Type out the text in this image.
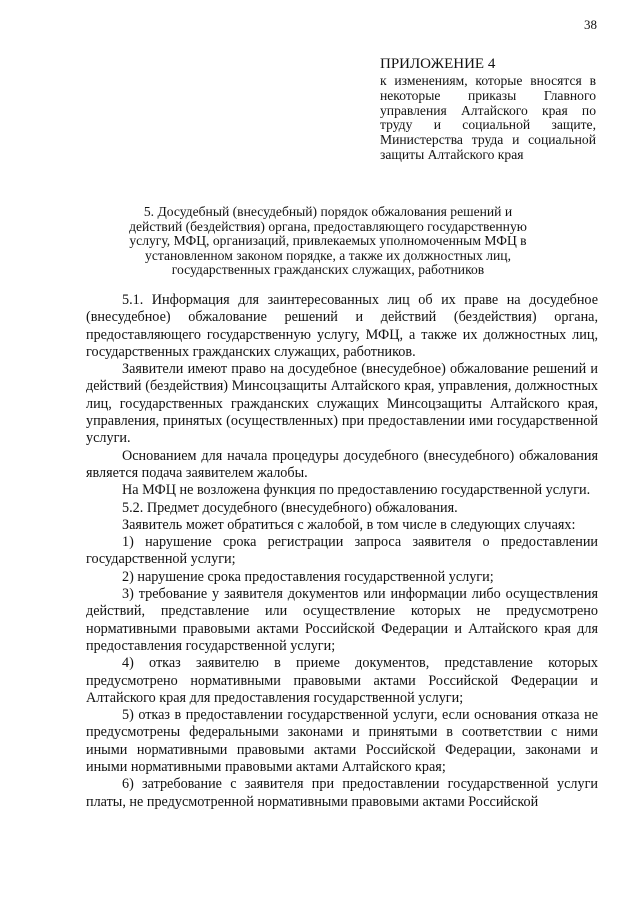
38
ПРИЛОЖЕНИЕ 4
к изменениям, которые вносятся в некоторые приказы Главного управления Алтайского края по труду и социальной защите, Министерства труда и социальной защиты Алтайского края
5. Досудебный (внесудебный) порядок обжалования решений и действий (бездействия) органа, предоставляющего государственную услугу, МФЦ, организаций, привлекаемых уполномоченным МФЦ в установленном законом порядке, а также их должностных лиц, государственных гражданских служащих, работников

5.1. Информация для заинтересованных лиц об их праве на досудебное (внесудебное) обжалование решений и действий (бездействия) органа, предоставляющего государственную услугу, МФЦ, а также их должностных лиц, государственных гражданских служащих, работников.

Заявители имеют право на досудебное (внесудебное) обжалование решений и действий (бездействия) Минсоцзащиты Алтайского края, управления, должностных лиц, государственных гражданских служащих Минсоцзащиты Алтайского края, управления, принятых (осуществленных) при предоставлении ими государственной услуги.

Основанием для начала процедуры досудебного (внесудебного) обжалования является подача заявителем жалобы.

На МФЦ не возложена функция по предоставлению государственной услуги.

5.2. Предмет досудебного (внесудебного) обжалования.

Заявитель может обратиться с жалобой, в том числе в следующих случаях:

1) нарушение срока регистрации запроса заявителя о предоставлении государственной услуги;

2) нарушение срока предоставления государственной услуги;

3) требование у заявителя документов или информации либо осуществления действий, представление или осуществление которых не предусмотрено нормативными правовыми актами Российской Федерации и Алтайского края для предоставления государственной услуги;

4) отказ заявителю в приеме документов, представление которых предусмотрено нормативными правовыми актами Российской Федерации и Алтайского края для предоставления государственной услуги;

5) отказ в предоставлении государственной услуги, если основания отказа не предусмотрены федеральными законами и принятыми в соответствии с ними иными нормативными правовыми актами Российской Федерации, законами и иными нормативными правовыми актами Алтайского края;

6) затребование с заявителя при предоставлении государственной услуги платы, не предусмотренной нормативными правовыми актами Российской
